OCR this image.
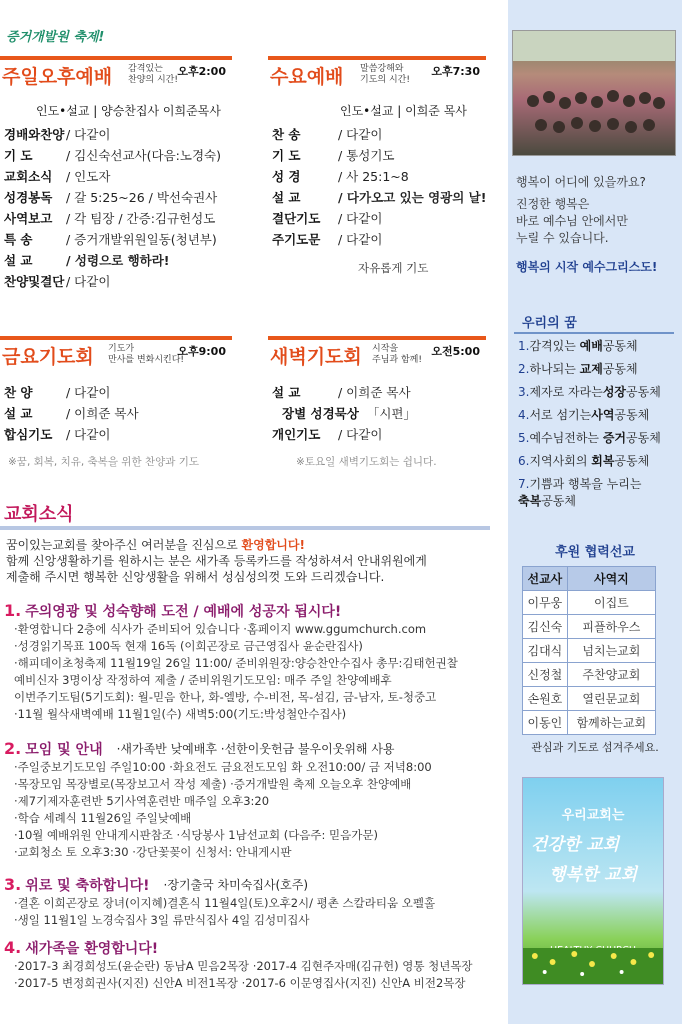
증거개발원 축제!
주일오후예배 감격있는
찬양의 시간!
오후2:00
인도•설교 | 양승찬집사 이희준목사
경배와찬양 / 다같이
기 도	/ 김신숙선교사(다음:노경숙)
교회소식	/ 인도자
성경봉독	/ 갈 5:25~26 / 박선숙권사
사역보고	/ 각 팀장 / 간증:김규헌성도
특 송	/ 증거개발위원일동(청년부)
설 교	/ 성령으로 행하라!
찬양및결단 / 다같이
수요예배 말씀강해와
기도의 시간!
오후7:30
인도•설교 | 이희준 목사
찬 송	/ 다같이
기 도	/ 통성기도
성 경	/ 사 25:1~8
설 교	/ 다가오고 있는 영광의 날!
결단기도	/ 다같이
주기도문	/ 다같이
자유롭게 기도
금요기도회 기도가
만사를 변화시킨다!
오후9:00
찬 양	/ 다같이
설 교	/ 이희준 목사
합심기도	/ 다같이
※꿈, 회복, 치유, 축복을 위한 찬양과 기도
새벽기도회 시작을
주님과 함께!
오전5:00
설 교	/ 이희준 목사
장별 성경묵상 「시편」
개인기도	/ 다같이
※토요일 새벽기도회는 쉽니다.
교회소식
꿈이있는교회를 찾아주신 여러분을 진심으로 환영합니다!
함께 신앙생활하기를 원하시는 분은 새가족 등록카드를 작성하셔서 안내위원에게
제출해 주시면 행복한 신앙생활을 위해서 성심성의껏 도와 드리겠습니다.
1. 주의영광 및 성숙향해 도전 / 예배에 성공자 됩시다!
·환영합니다 2층에 식사가 준비되어 있습니다 ·홈페이지 www.ggumchurch.com
·성경읽기목표 100독 현재 16독 (이희곤장로 금근영집사 윤순란집사)
·해피데이초청축제 11월19일 26일 11:00/ 준비위원장:양승찬안수집사 총무:김태헌권찰
예비신자 3명이상 작정하여 제출 / 준비위원기도모임: 매주 주일 찬양예배후
이번주기도팀(5기도회): 월-믿음 한나, 화-엘방, 수-비전, 목-섬김, 금-남자, 토-청중고
·11월 월삭새벽예배 11월1일(수) 새벽5:00(기도:박성철안수집사)
2. 모임 및 안내 ·새가족반 낮예배후 ·선한이웃헌금 불우이웃위해 사용
·주일중보기도모임 주일10:00 ·화요전도 금요전도모임 화 오전10:00/ 금 저녁8:00
·목장모임 목장별로(목장보고서 작성 제출) ·증거개발원 축제 오늘오후 찬양예배
·제7기제자훈련반 5기사역훈련반 매주일 오후3:20
·학습 세례식 11월26일 주일낮예배
·10월 예배위원 안내게시판참조 ·식당봉사 1남선교회 (다음주: 믿음가문)
·교회청소 토 오후3:30 ·강단꽃꽂이 신청서: 안내게시판
3. 위로 및 축하합니다! ·장기출국 차미숙집사(호주)
·결혼 이희곤장로 장녀(이지혜)결혼식 11월4일(토)오후2시/ 평촌 스칼라티움 오펠홀
·생일 11월1일 노경숙집사 3일 류만식집사 4일 김성미집사
4. 새가족을 환영합니다!
·2017-3 최경희성도(윤순란) 동남A 믿음2목장 ·2017-4 김현주자매(김규헌) 영통 청년목장
·2017-5 변정희권사(지진) 신안A 비전1목장 ·2017-6 이문영집사(지진) 신안A 비전2목장
행복이 어디에 있을까요?
진정한 행복은
바로 예수님 안에서만
누릴 수 있습니다.
행복의 시작 예수그리스도!
우리의 꿈
1.감격있는 예배공동체
2.하나되는 교제공동체
3.제자로 자라는성장공동체
4.서로 섬기는사역공동체
5.예수님전하는 증거공동체
6.지역사회의 회복공동체
7.기쁨과 행복을 누리는
축복공동체
후원 협력선교
선교사	사역지
이무웅	이집트
김신숙	피플하우스
김대식	넘치는교회
신정철	주찬양교회
손원호	열린문교회
이동인	함께하는교회
관심과 기도로 섬겨주세요.
우리교회는
건강한 교회
행복한 교회
